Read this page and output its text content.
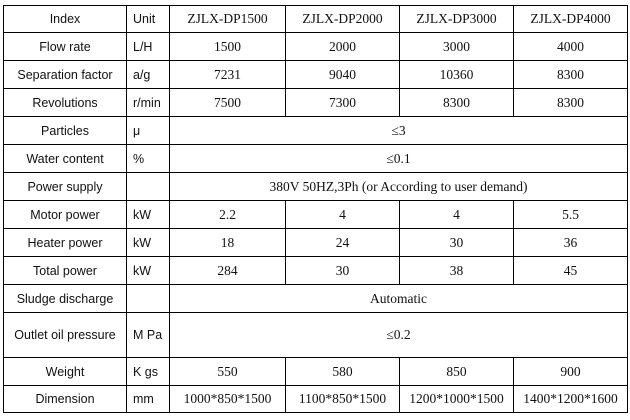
Index	Unit	ZJLX-DP1500	ZJLX-DP2000	ZJLX-DP3000	ZJLX-DP4000
Flow rate	L/H	1500	2000	3000	4000
Separation factor	a/g	7231	9040	10360	8300
Revolutions	r/min	7500	7300	8300	8300
Particles	μ	≤3			
Water content	%	≤0.1			
Power supply		380V 50HZ,3Ph (or According to user demand)			
Motor power	kW	2.2	4	4	5.5
Heater power	kW	18	24	30	36
Total power	kW	284	30	38	45
Sludge discharge		Automatic			
Outlet oil pressure	M Pa	≤0.2			
Weight	K gs	550	580	850	900
Dimension	mm	1000*850*1500	1100*850*1500	1200*1000*1500	1400*1200*1600
